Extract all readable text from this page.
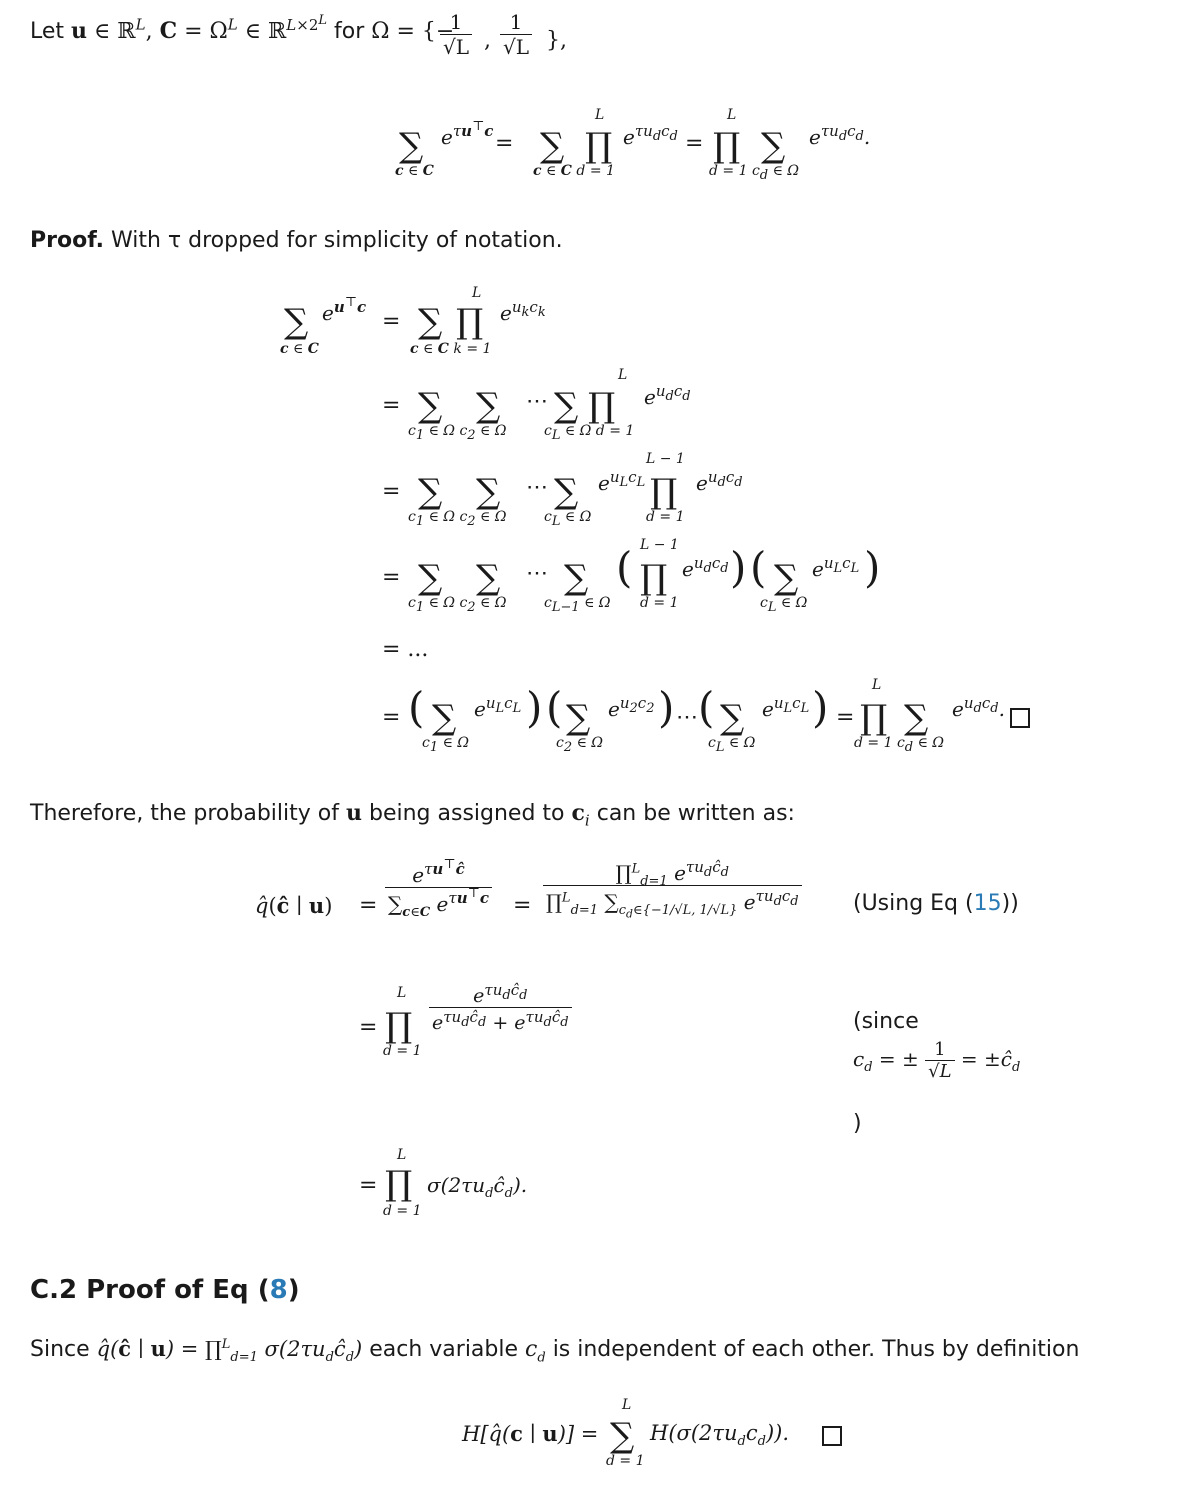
Let u ∈ ℝ$^L$, $C = \Omega^L$ ∈ ℝ$^{L\times 2^L}$ for Ω = {−
$\frac{1}{√L}$ , $\frac{1}{√L}$ },
∑
c ∈ C
$e^{\tau u^⊤c}$ = ∑ ∏
L
c ∈ C d = 1
$e^{\tau u_dc_d}$ = ∏
L
∑
d = 1 $c_d$ ∈ Ω
$e^{\tau u_dc_d}$.
Proof. With τ dropped for simplicity of notation.
∑
c ∈ C
$e^{u^⊤c}$
= ∑ ∏
L
c ∈ C k = 1
$e^{u_kc_k}$
= ∑ ∑ ⋯ ∑ ∏
L
$c_1$ ∈ Ω $c_2$ ∈ Ω	$c_L$ ∈ Ω d = 1
$e^{u_dc_d}$
= ∑ ∑ ⋯ ∑ $e^{u_Lc_L}$ ∏
L − 1
$c_1$ ∈ Ω $c_2$ ∈ Ω	$c_L$ ∈ Ω	d = 1
$e^{u_dc_d}$
= ∑ ∑ ⋯ ∑ ( ∏
L − 1
$e^{u_dc_d}$ ) ( ∑ $e^{u_Lc_L}$ )
$c_1$ ∈ Ω $c_2$ ∈ Ω	$c_{L-1}$ ∈ Ω d = 1	$c_L$ ∈ Ω
= ...
= ( ∑ $e^{u_Lc_L}$ ) ( ∑ $e^{u_2c_2}$ ) ⋯ ( ∑ $e^{u_Lc_L}$ ) = ∏
L
∑ $e^{u_dc_d}$.
$c_1$ ∈ Ω	$c_2$ ∈ Ω	$c_L$ ∈ Ω	d = 1 $c_d$ ∈ Ω
Therefore, the probability of u being assigned to $c_i$ can be written as:
q̂(ĉ ∣ $u) = \frac{e^{\tau u^⊤ĉ}}{\sum_{c\in C} e^{\tau u^⊤c}} = \frac{\prod^L_{d=1} e^{\tau u_dĉ_d}}{\prod^L_{d=1} \sum_{c_d\in\{-1/√L, 1/√L\}} e^{\tau u_dc_d}} (Using$ Eq (15))
= ∏
L
d = 1
$\frac{e^{\tau u_dĉ_d}}{e^{\tau u_dĉ_d} + e^{\tau u_dĉ_d}}$	(since
$c_d$ = ± $\frac{1}{√L}$ = $\pm ĉ_d$
)
= ∏
L
d = 1
$\sigma(2\tau u_dĉ_d)$.
C.2 Proof of Eq (8)
Since q̂(ĉ ∣ u) = ∏$^L_{d=1}$ $\sigma(2\tau u_dĉ_d)$ each variable $c_d$ is independent of each other. Thus by definition
H[q̂(c ∣ u)] = ∑
L
d = 1
$H(\sigma(2\tau u_dc_d))$.
